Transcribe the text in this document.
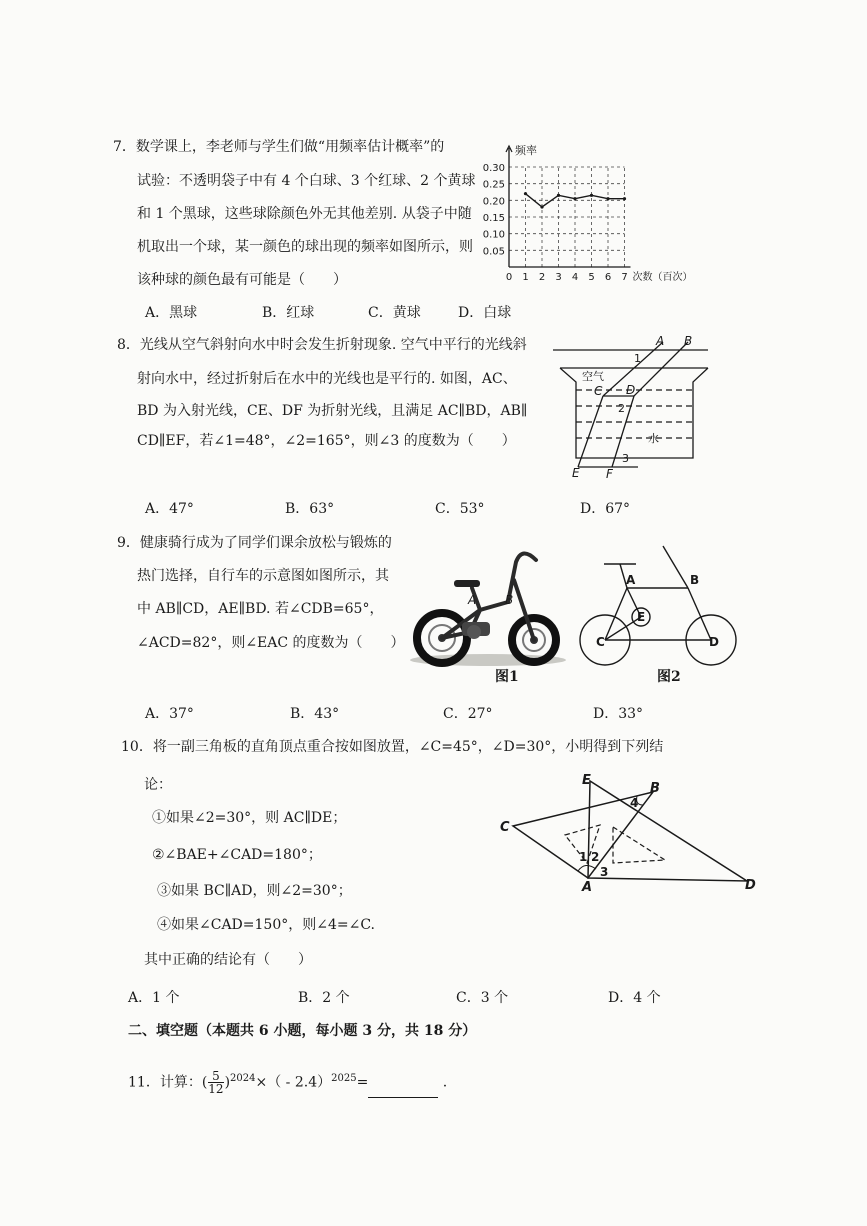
7．数学课上，李老师与学生们做“用频率估计概率”的
试验：不透明袋子中有 4 个白球、3 个红球、2 个黄球
和 1 个黑球，这些球除颜色外无其他差别. 从袋子中随
机取出一个球，某一颜色的球出现的频率如图所示，则
该种球的颜色最有可能是（　　）
A．黑球	B．红球	C．黄球	D．白球
0.30
0.25
0.20
0.15
0.10
0.05
0 1 2 3 4 5 6 7 次数（百次）
频率
8．光线从空气斜射向水中时会发生折射现象. 空气中平行的光线斜
射向水中，经过折射后在水中的光线也是平行的. 如图，AC、
BD 为入射光线，CE、DF 为折射光线，且满足 AC∥BD，AB∥
CD∥EF，若∠1=48°，∠2=165°，则∠3 的度数为（　　）
A．47°	B．63°	C．53°	D．67°
A B
C D
E F
1
2
3
空气
水
9．健康骑行成为了同学们课余放松与锻炼的
热门选择，自行车的示意图如图所示，其
中 AB∥CD，AE∥BD. 若∠CDB=65°，
∠ACD=82°，则∠EAC 的度数为（　　）
A．37°	B．43°	C．27°	D．33°
A B
图1
A	B
C	D
E
图2
10．将一副三角板的直角顶点重合按如图放置，∠C=45°，∠D=30°，小明得到下列结
论：
①如果∠2=30°，则 AC∥DE；
②∠BAE+∠CAD=180°；
③如果 BC∥AD，则∠2=30°；
④如果∠CAD=150°，则∠4=∠C.
其中正确的结论有（　　）
A．1 个	B．2 个	C．3 个	D．4 个
C
A
B
E
D
1 2
3
4
二、填空题（本题共 6 小题，每小题 3 分，共 18 分）
11．计算：( $\frac{5}{12} )^{2024}\times( - 2.4)^{2025}=$	.
